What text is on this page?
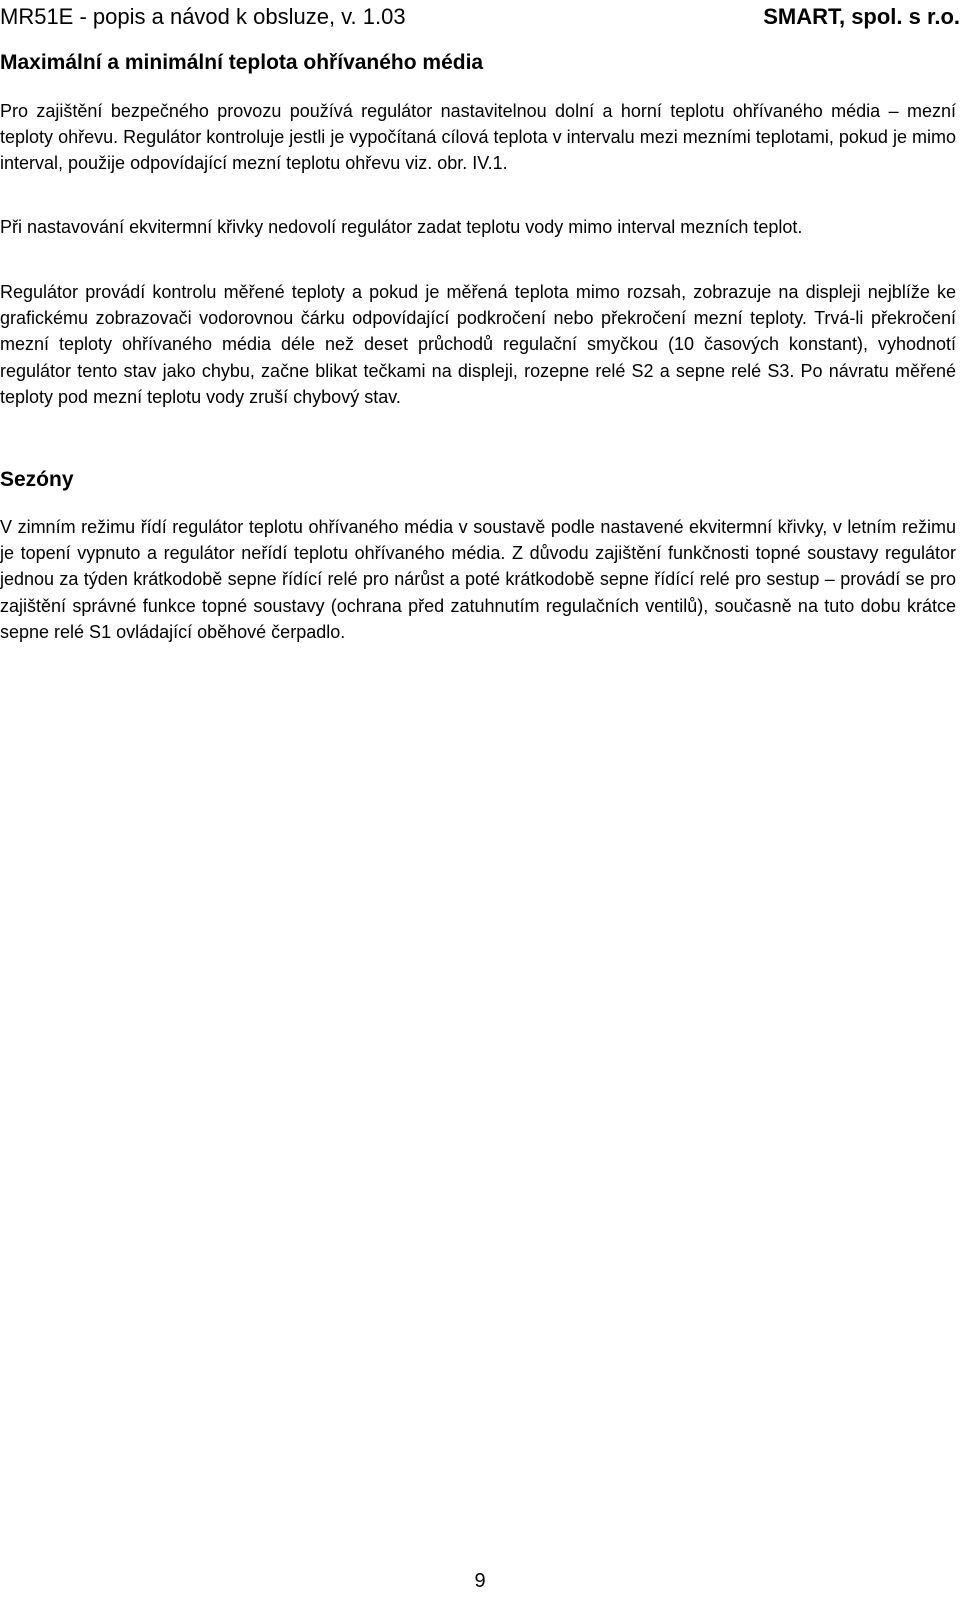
MR51E - popis a návod k obsluze, v. 1.03	SMART, spol. s r.o.
Maximální a minimální teplota ohřívaného média

Pro zajištění bezpečného provozu používá regulátor nastavitelnou dolní a horní teplotu ohřívaného média – mezní teploty ohřevu. Regulátor kontroluje jestli je vypočítaná cílová teplota v intervalu mezi mezními teplotami, pokud je mimo interval, použije odpovídající mezní teplotu ohřevu viz. obr. IV.1.

Při nastavování ekvitermní křivky nedovolí regulátor zadat teplotu vody mimo interval mezních teplot.

Regulátor provádí kontrolu měřené teploty a pokud je měřená teplota mimo rozsah, zobrazuje na displeji nejblíže ke grafickému zobrazovači vodorovnou čárku odpovídající podkročení nebo překročení mezní teploty. Trvá-li překročení mezní teploty ohřívaného média déle než deset průchodů regulační smyčkou (10 časových konstant), vyhodnotí regulátor tento stav jako chybu, začne blikat tečkami na displeji, rozepne relé S2 a sepne relé S3. Po návratu měřené teploty pod mezní teplotu vody zruší chybový stav.

Sezóny

V zimním režimu řídí regulátor teplotu ohřívaného média v soustavě podle nastavené ekvitermní křivky, v letním režimu je topení vypnuto a regulátor neřídí teplotu ohřívaného média. Z důvodu zajištění funkčnosti topné soustavy regulátor jednou za týden krátkodobě sepne řídící relé pro nárůst a poté krátkodobě sepne řídící relé pro sestup – provádí se pro zajištění správné funkce topné soustavy (ochrana před zatuhnutím regulačních ventilů), současně na tuto dobu krátce sepne relé S1 ovládající oběhové čerpadlo.

9
